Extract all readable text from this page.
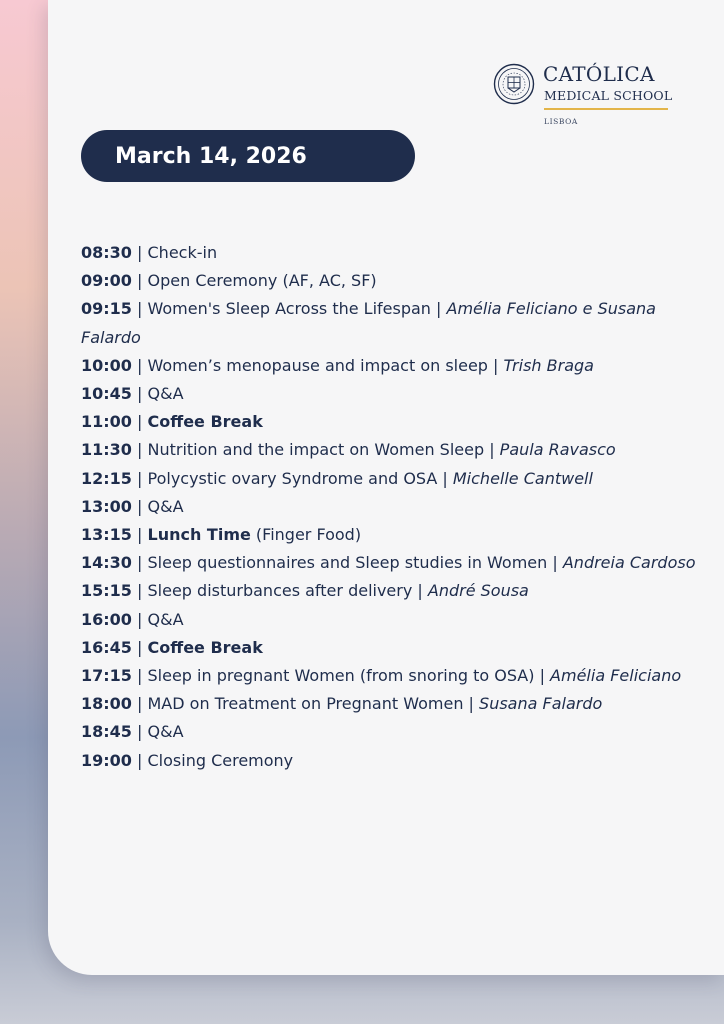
CATÓLICA
MEDICAL SCHOOL
LISBOA
March 14, 2026

08:30 | Check-in

09:00 | Open Ceremony (AF, AC, SF)

09:15 | Women's Sleep Across the Lifespan | Amélia Feliciano e Susana Falardo

10:00 | Women’s menopause and impact on sleep | Trish Braga

10:45 | Q&A

11:00 | Coffee Break

11:30 | Nutrition and the impact on Women Sleep | Paula Ravasco

12:15 | Polycystic ovary Syndrome and OSA | Michelle Cantwell

13:00 | Q&A

13:15 | Lunch Time (Finger Food)

14:30 | Sleep questionnaires and Sleep studies in Women | Andreia Cardoso

15:15 | Sleep disturbances after delivery | André Sousa

16:00 | Q&A

16:45 | Coffee Break

17:15 | Sleep in pregnant Women (from snoring to OSA) | Amélia Feliciano

18:00 | MAD on Treatment on Pregnant Women | Susana Falardo

18:45 | Q&A

19:00 | Closing Ceremony
